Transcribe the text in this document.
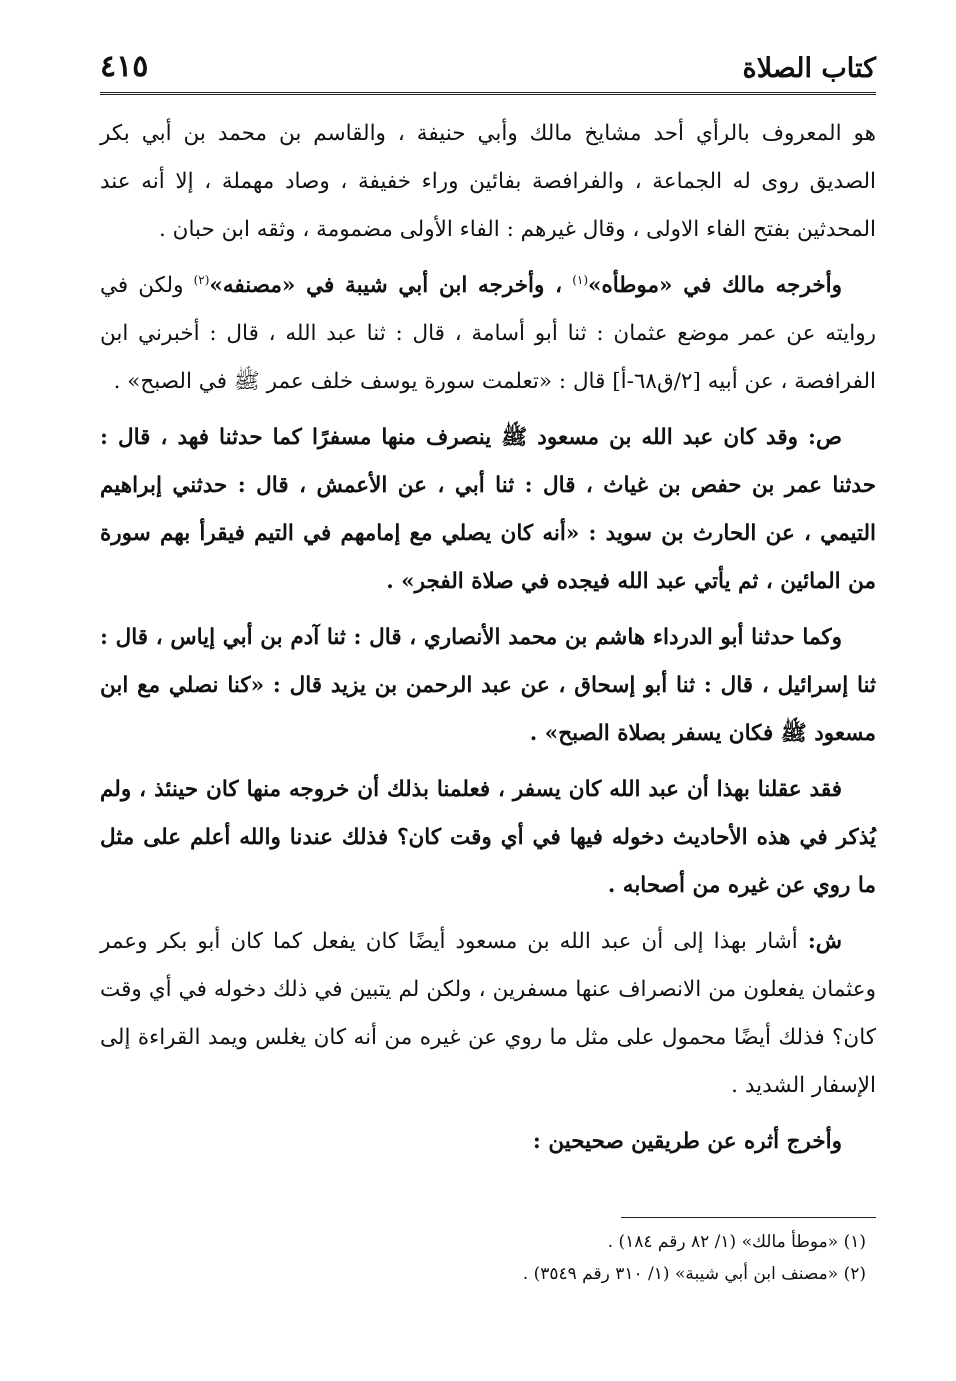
كتاب الصلاة
٤١٥

هو المعروف بالرأي أحد مشايخ مالك وأبي حنيفة ، والقاسم بن محمد بن أبي بكر الصديق روى له الجماعة ، والفرافصة بفائين وراء خفيفة ، وصاد مهملة ، إلا أنه عند المحدثين بفتح الفاء الاولى ، وقال غيرهم : الفاء الأولى مضمومة ، وثقه ابن حبان .

وأخرجه مالك في «موطأه»$^{(١)}$ ، وأخرجه ابن أبي شيبة في «مصنفه»$^{(٢)}$ ولكن في روايته عن عمر موضع عثمان : ثنا أبو أسامة ، قال : ثنا عبد الله ، قال : أخبرني ابن الفرافصة ، عن أبيه [٢/ق٦٨-أ] قال : «تعلمت سورة يوسف خلف عمر ﷺ في الصبح» .

ص: وقد كان عبد الله بن مسعود ﷺ ينصرف منها مسفرًا كما حدثنا فهد ، قال : حدثنا عمر بن حفص بن غياث ، قال : ثنا أبي ، عن الأعمش ، قال : حدثني إبراهيم التيمي ، عن الحارث بن سويد : «أنه كان يصلي مع إمامهم في التيم فيقرأ بهم سورة من المائين ، ثم يأتي عبد الله فيجده في صلاة الفجر» .

وكما حدثنا أبو الدرداء هاشم بن محمد الأنصاري ، قال : ثنا آدم بن أبي إياس ، قال : ثنا إسرائيل ، قال : ثنا أبو إسحاق ، عن عبد الرحمن بن يزيد قال : «كنا نصلي مع ابن مسعود ﷺ فكان يسفر بصلاة الصبح» .

فقد عقلنا بهذا أن عبد الله كان يسفر ، فعلمنا بذلك أن خروجه منها كان حينئذ ، ولم يُذكر في هذه الأحاديث دخوله فيها في أي وقت كان؟ فذلك عندنا والله أعلم على مثل ما روي عن غيره من أصحابه .

ش: أشار بهذا إلى أن عبد الله بن مسعود أيضًا كان يفعل كما كان أبو بكر وعمر وعثمان يفعلون من الانصراف عنها مسفرين ، ولكن لم يتبين في ذلك دخوله في أي وقت كان؟ فذلك أيضًا محمول على مثل ما روي عن غيره من أنه كان يغلس ويمد القراءة إلى الإسفار الشديد .

وأخرج أثره عن طريقين صحيحين :

(١) «موطأ مالك» (١/ ٨٢ رقم ١٨٤) .

(٢) «مصنف ابن أبي شيبة» (١/ ٣١٠ رقم ٣٥٤٩) .
